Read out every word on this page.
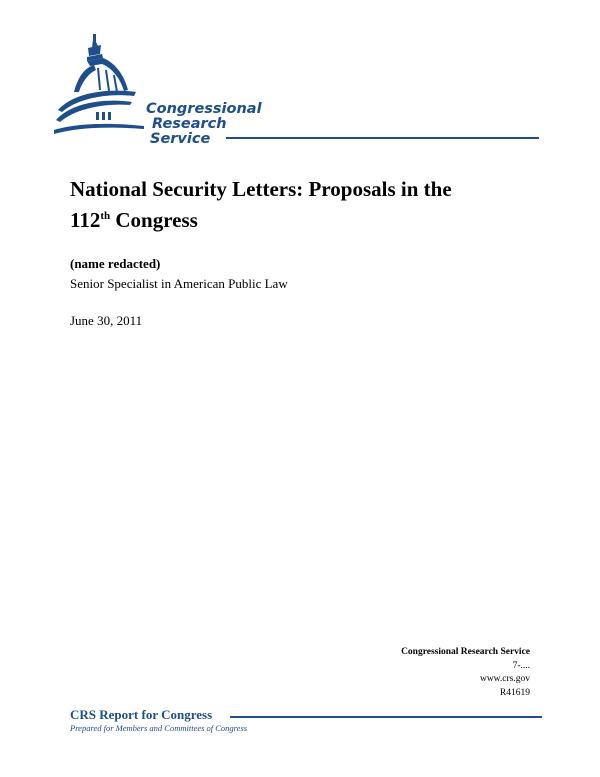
Congressional
Research
Service
National Security Letters: Proposals in the
112th Congress
(name redacted)
Senior Specialist in American Public Law
June 30, 2011
Congressional Research Service
7-....
www.crs.gov
R41619
CRS Report for Congress
Prepared for Members and Committees of Congress
